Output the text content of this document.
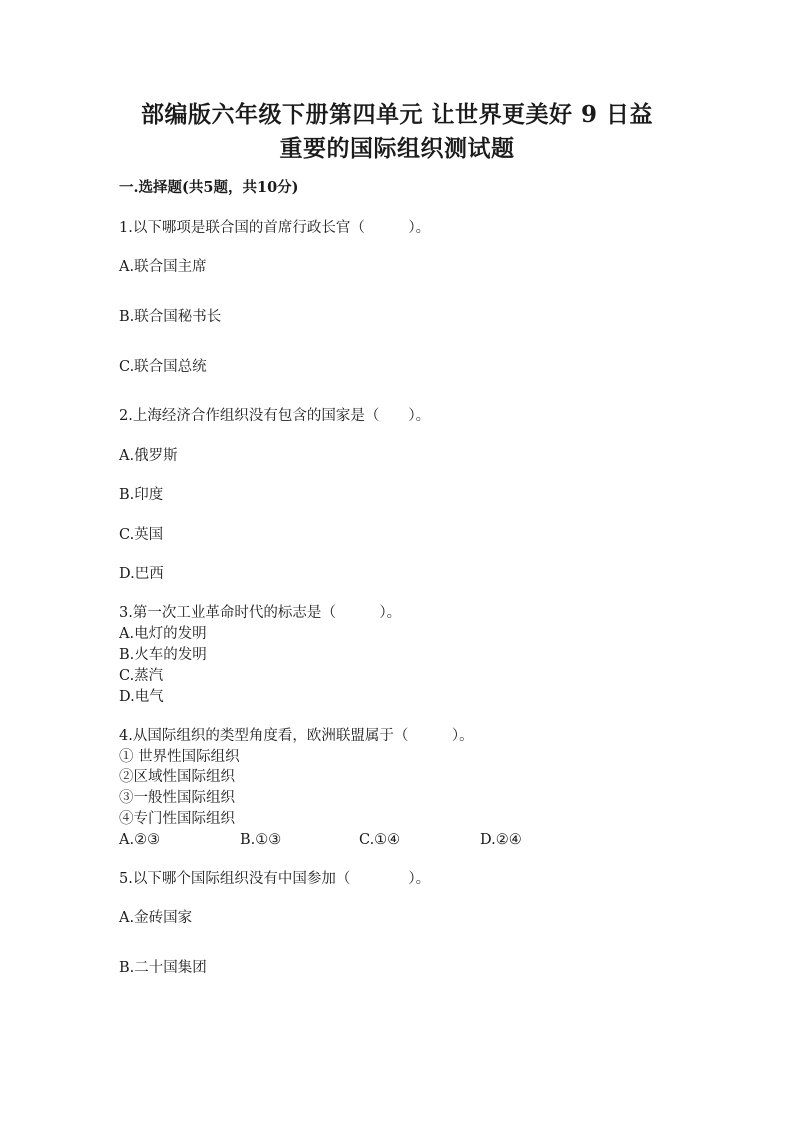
部编版六年级下册第四单元 让世界更美好 9 日益
重要的国际组织测试题
一.选择题(共5题，共10分)
1.以下哪项是联合国的首席行政长官（　　　）。
A.联合国主席
B.联合国秘书长
C.联合国总统
2.上海经济合作组织没有包含的国家是（　　）。
A.俄罗斯
B.印度
C.英国
D.巴西
3.第一次工业革命时代的标志是（　　　）。
A.电灯的发明
B.火车的发明
C.蒸汽
D.电气
4.从国际组织的类型角度看，欧洲联盟属于（　　　）。
① 世界性国际组织
②区域性国际组织
③一般性国际组织
④专门性国际组织
A.②③	B.①③	C.①④	D.②④
5.以下哪个国际组织没有中国参加（　　　　）。
A.金砖国家
B.二十国集团
